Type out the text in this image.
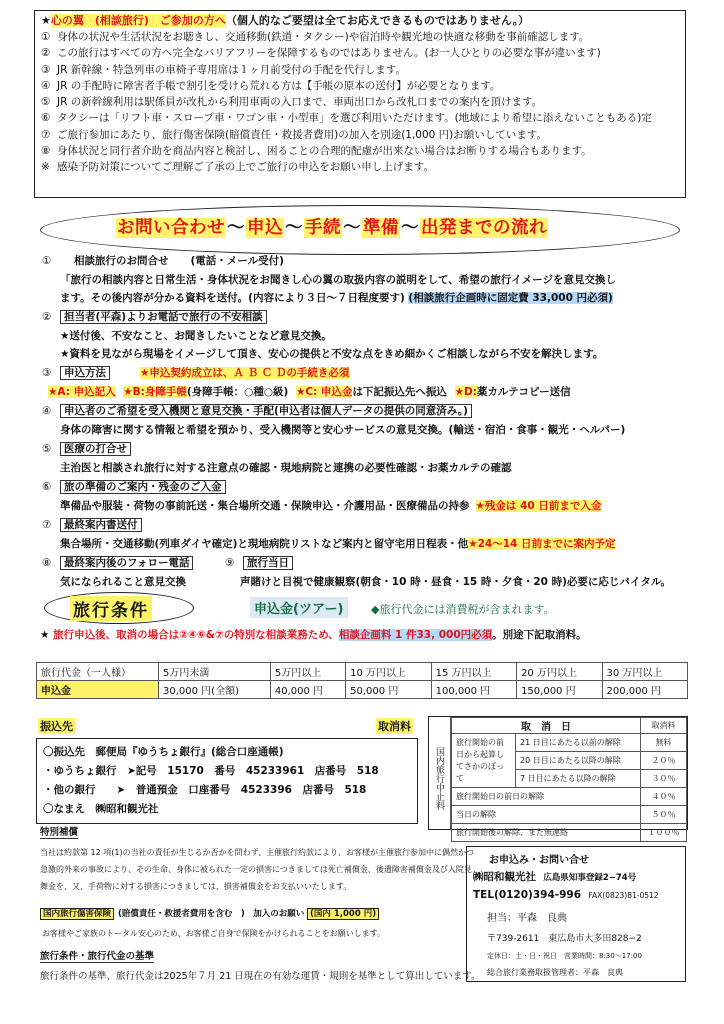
★心の翼　(相談旅行)　ご参加の方へ（個人的なご要望は全てお応えできるものではありません。）
① 身体の状況や生活状況をお聴きし、交通移動(鉄道・タクシー)や宿泊時や観光地の快適な移動を事前確認します。
② この旅行はすべての方へ完全なバリアフリーを保障するものではありません。(お一人ひとりの必要な事が違います)
③ JR 新幹線・特急列車の車椅子専用席は１ヶ月前受付の手配を代行します。
④ JR の手配時に障害者手帳で割引を受けら荒れる方は【手帳の原本の送付】が必要となります。
⑤ JR の新幹線利用は駅係員が改札から利用車両の入口まで、車両出口から改札口までの案内を頂けます。
⑥ タクシーは「リフト車・スロープ車・ワゴン車・小型車」を選び利用いただけます。(地域により希望に添えないこともある)定
⑦ ご旅行参加にあたり、旅行傷害保険(賠償責任・救援者費用)の加入を別途(1,000 円)お願いしています。
⑧ 身体状況と同行者介助を商品内容と検討し、困ることの合理的配慮が出来ない場合はお断りする場合もあります。
※ 感染予防対策についてご理解ご了承の上でご旅行の申込をお願い申し上げます。
お問い合わせ 〜 申込 〜 手続 〜 準備 〜 出発までの流れ
① 相談旅行のお問合せ (電話・メール受付)
「旅行の相談内容と日常生活・身体状況をお聞きし心の翼の取扱内容の説明をして、希望の旅行イメージを意見交換し
ます。その後内容が分かる資料を送付。(内容により３日〜７日程度要す) (相談旅行企画時に固定費 33,000 円必須)
② 担当者(平森)よりお電話で旅行の不安相談
★送付後、不安なこと、お聞きしたいことなど意見交換。
★資料を見ながら現場をイメージして頂き、安心の提供と不安な点をきめ細かくご相談しながら不安を解決します。
③ 申込方法	★申込契約成立は、Ａ Ｂ Ｃ Ｄの手続き必須
★A: 申込記入 ★B:身障手帳(身障手帳：○種○級) ★C: 申込金は下記振込先へ振込 ★D:薬カルテコピー送信
④ 申込者のご希望を受入機関と意見交換・手配(申込者は個人データの提供の同意済み。)
身体の障害に関する情報と希望を預かり、受入機関等と安心サービスの意見交換。(輸送・宿泊・食事・観光・ヘルパー)
⑤ 医療の打合せ
主治医と相談され旅行に対する注意点の確認・現地病院と連携の必要性確認・お薬カルテの確認
⑥ 旅の準備のご案内・残金のご入金
準備品や服装・荷物の事前託送・集合場所交通・保険申込・介護用品・医療備品の持参 ★残金は 40 日前まで入金
⑦ 最終案内書送付
集合場所・交通移動(列車ダイヤ確定)と現地病院リストなど案内と留守宅用日程表・他★24〜14 日前までに案内予定
⑧ 最終案内後のフォロー電話	⑨ 旅行当日
気になられること意見交換	声賭けと目視で健康観察(朝食・10 時・昼食・15 時・夕食・20 時)必要に応じバイタル。
旅行条件	申込金(ツアー)	◆旅行代金には消費税が含まれます。
★ 旅行申込後、取消の場合は②④⑥&⑦の特別な相談業務ため、相談企画料 1 件33, 000円必須。別途下記取消料。
旅行代金（一人様）	5万円未満	5万円以上	10 万円以上	15 万円以上	20 万円以上	30 万円以上
申込金	30,000 円(全額)	40,000 円	50,000 円	100,000 円	150,000 円	200,000 円
振込先	取消料
〇振込先　郵便局『ゆうちょ銀行』(総合口座通帳)
・ゆうちょ銀行　➤記号　15170　番号　45233961　店番号　518
・他の銀行　　➤　普通預金　口座番号　4523396　店番号　518
〇なまえ　㈱昭和観光社	国内旅行中止料
取　消　日		取消料
旅行開始の前日から起算してさかのぼって	21 日目にあたる以前の解除	無料
	20 日目にあたる以降の解除	２０％
	7 日目にあたる以降の解除	３０％
旅行開始日の前日の解除		４０％
当日の解除		５０％
旅行開始後の解除、また無連絡		１００％
特別補償
当社は約款第 12 項(1)の当社の責任が生じるか否かを問わず、主催旅行約款により、お客様が主催旅行参加中に偶然かつ
急激的外来の事故により、その生命、身体に被られた一定の損害につきましては死亡補償金、後遺障害補償金及び入院見
舞金を、又、手荷物に対する損害につきましては、損害補償金をお支払いいたします。
国内旅行傷害保険 (賠償責任・救援者費用を含む　)　加入のお願い (国内 1,000 円)
お客様やご家族のトータル安心のため、お客様ご自身で保険をかけられることをお願いします。
旅行条件・旅行代金の基準
旅行条件の基準、旅行代金は2025年７月 21 日現在の有効な運賃・規則を基準として算出しています。
お申込み・お問い合せ
㈱昭和観光社 広島県知事登録2−74号
TEL(0120)394-996 FAX(0823)81-0512
担当：平森　良典
〒739-2611　東広島市大多田828−2
定休日：土・日・祝日　営業時間：8:30〜17:00
総合旅行業務取扱管理者：平森　良典
